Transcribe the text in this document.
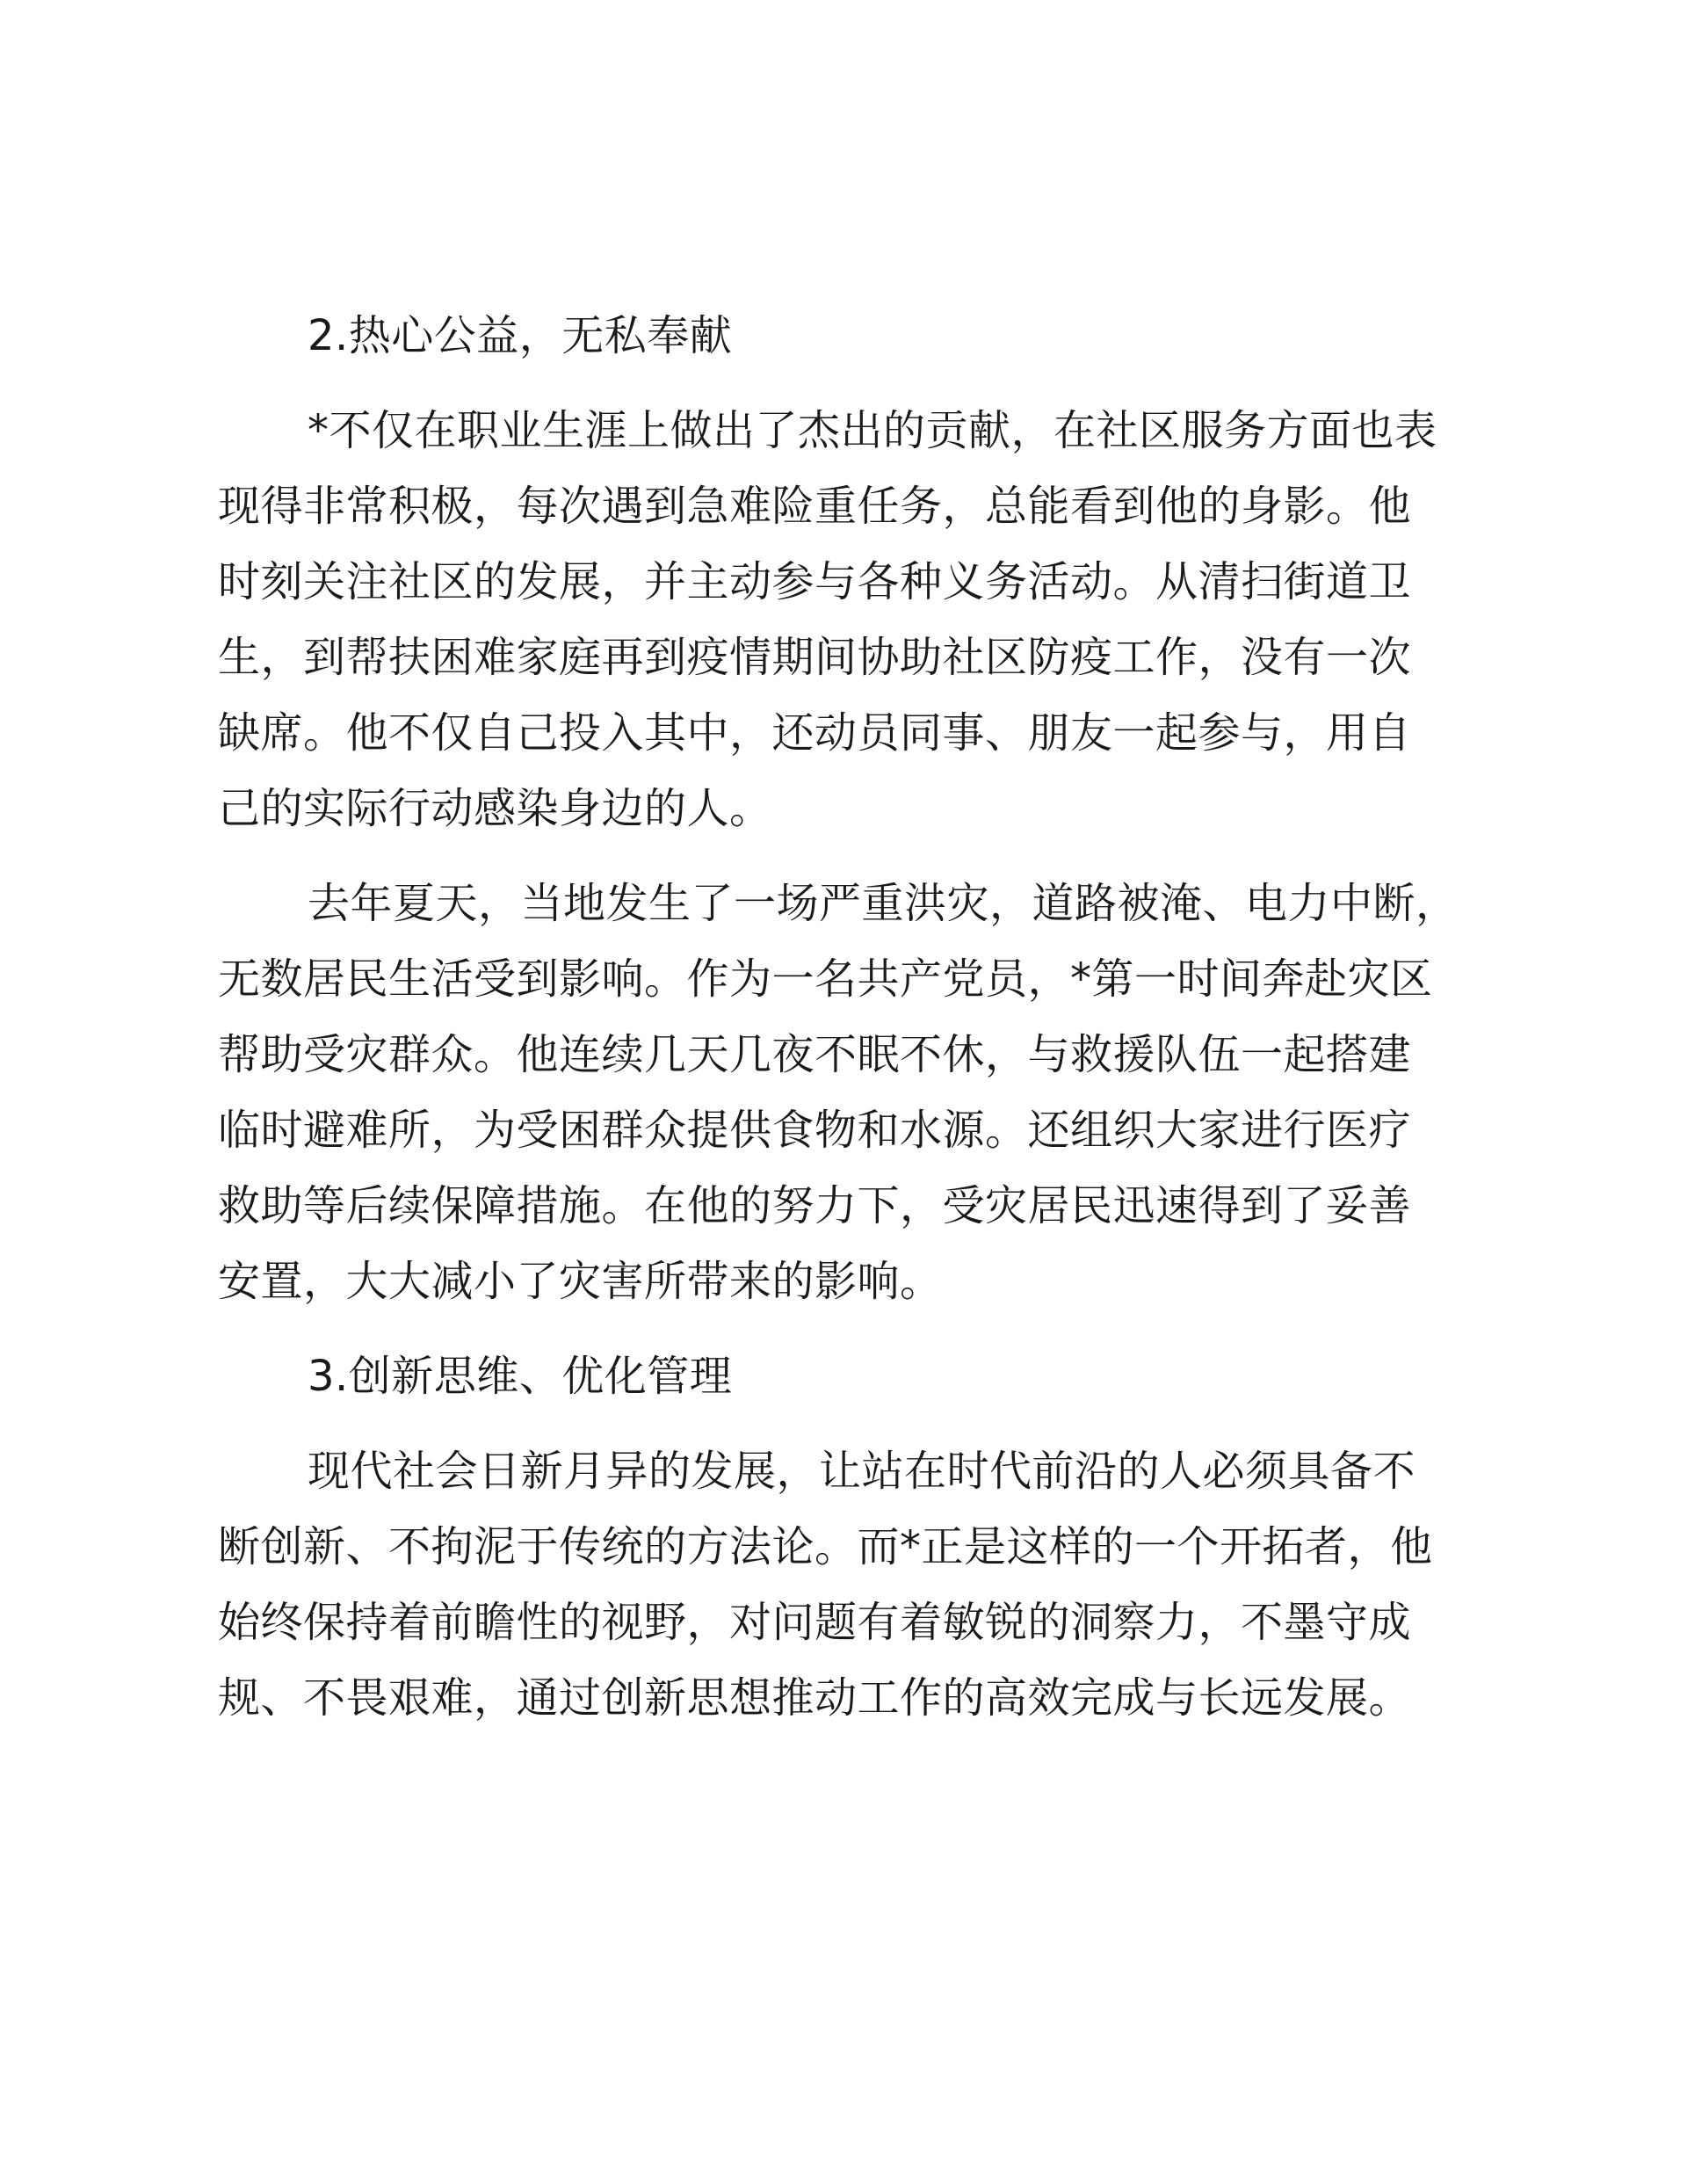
2.热心公益，无私奉献
*不仅在职业生涯上做出了杰出的贡献，在社区服务方面也表
现得非常积极，每次遇到急难险重任务，总能看到他的身影。他
时刻关注社区的发展，并主动参与各种义务活动。从清扫街道卫
生，到帮扶困难家庭再到疫情期间协助社区防疫工作，没有一次
缺席。他不仅自己投入其中，还动员同事、朋友一起参与，用自
己的实际行动感染身边的人。
去年夏天，当地发生了一场严重洪灾，道路被淹、电力中断，
无数居民生活受到影响。作为一名共产党员，*第一时间奔赴灾区
帮助受灾群众。他连续几天几夜不眠不休，与救援队伍一起搭建
临时避难所，为受困群众提供食物和水源。还组织大家进行医疗
救助等后续保障措施。在他的努力下，受灾居民迅速得到了妥善
安置，大大减小了灾害所带来的影响。
3.创新思维、优化管理
现代社会日新月异的发展，让站在时代前沿的人必须具备不
断创新、不拘泥于传统的方法论。而*正是这样的一个开拓者，他
始终保持着前瞻性的视野，对问题有着敏锐的洞察力，不墨守成
规、不畏艰难，通过创新思想推动工作的高效完成与长远发展。
